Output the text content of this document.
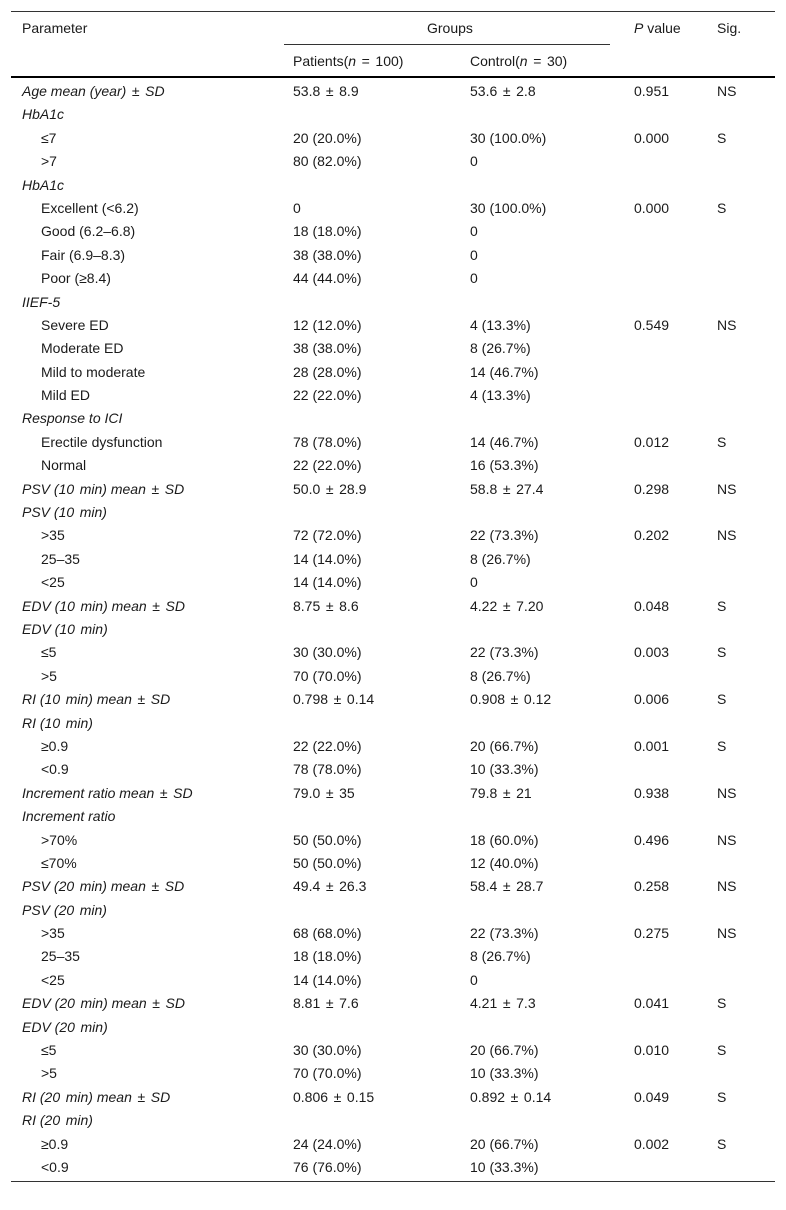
Parameter	Groups	P value	Sig.
Patients(n  =  100)	Control(n  =  30)
Age mean (year)  ±  SD	53.8  ±  8.9	53.6  ±  2.8	0.951	NS
HbA1c
≤7	20 (20.0%)	30 (100.0%)	0.000	S
>7	80 (82.0%)	0
HbA1c
Excellent (<6.2)	0	30 (100.0%)	0.000	S
Good (6.2–6.8)	18 (18.0%)	0
Fair (6.9–8.3)	38 (38.0%)	0
Poor (≥8.4)	44 (44.0%)	0
IIEF-5
Severe ED	12 (12.0%)	4 (13.3%)	0.549	NS
Moderate ED	38 (38.0%)	8 (26.7%)
Mild to moderate	28 (28.0%)	14 (46.7%)
Mild ED	22 (22.0%)	4 (13.3%)
Response to ICI
Erectile dysfunction	78 (78.0%)	14 (46.7%)	0.012	S
Normal	22 (22.0%)	16 (53.3%)
PSV (10  min) mean  ±  SD	50.0  ±  28.9	58.8  ±  27.4	0.298	NS
PSV (10  min)
>35	72 (72.0%)	22 (73.3%)	0.202	NS
25–35	14 (14.0%)	8 (26.7%)
<25	14 (14.0%)	0
EDV (10  min) mean  ±  SD	8.75  ±  8.6	4.22  ±  7.20	0.048	S
EDV (10  min)
≤5	30 (30.0%)	22 (73.3%)	0.003	S
>5	70 (70.0%)	8 (26.7%)
RI (10  min) mean  ±  SD	0.798  ±  0.14	0.908  ±  0.12	0.006	S
RI (10  min)
≥0.9	22 (22.0%)	20 (66.7%)	0.001	S
<0.9	78 (78.0%)	10 (33.3%)
Increment ratio mean  ±  SD	79.0  ±  35	79.8  ±  21	0.938	NS
Increment ratio
>70%	50 (50.0%)	18 (60.0%)	0.496	NS
≤70%	50 (50.0%)	12 (40.0%)
PSV (20  min) mean  ±  SD	49.4  ±  26.3	58.4  ±  28.7	0.258	NS
PSV (20  min)
>35	68 (68.0%)	22 (73.3%)	0.275	NS
25–35	18 (18.0%)	8 (26.7%)
<25	14 (14.0%)	0
EDV (20  min) mean  ±  SD	8.81  ±  7.6	4.21  ±  7.3	0.041	S
EDV (20  min)
≤5	30 (30.0%)	20 (66.7%)	0.010	S
>5	70 (70.0%)	10 (33.3%)
RI (20  min) mean  ±  SD	0.806  ±  0.15	0.892  ±  0.14	0.049	S
RI (20  min)
≥0.9	24 (24.0%)	20 (66.7%)	0.002	S
<0.9	76 (76.0%)	10 (33.3%)
